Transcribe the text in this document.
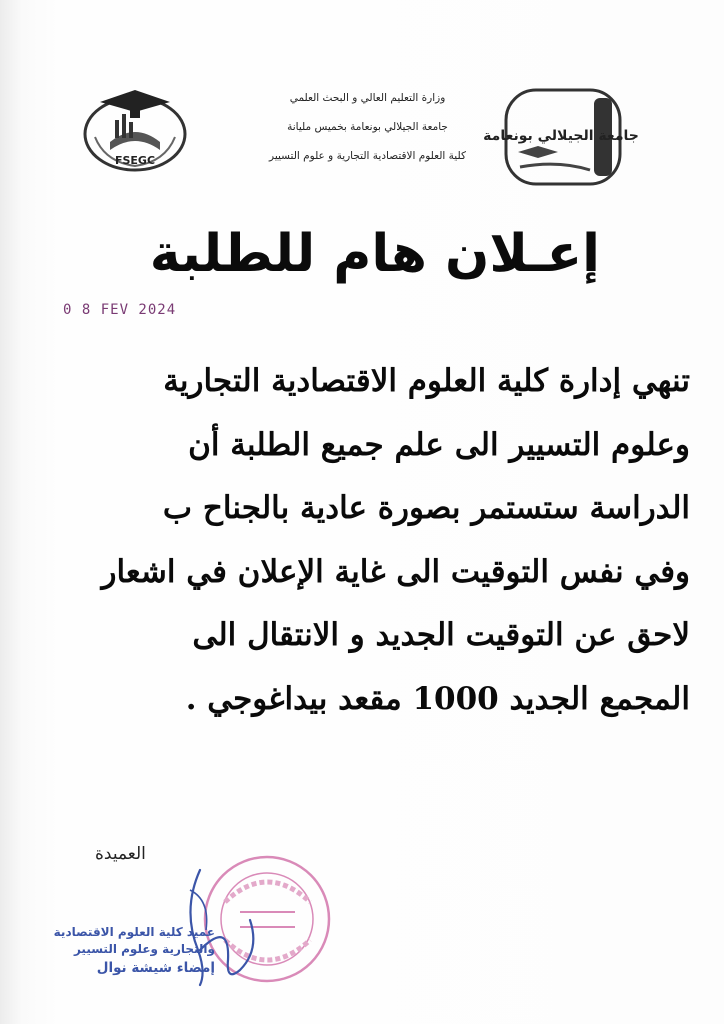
FSEGC
وزارة التعليم العالي و البحث العلمي
جامعة الجيلالي بونعامة بخميس مليانة
كلية العلوم الاقتصادية التجارية و علوم التسيير
جامعة الجيلالي بونعامة
إعـلان هام للطلبة
0 8 FEV 2024
تنهي إدارة كلية العلوم الاقتصادية التجارية
وعلوم التسيير الى علم جميع الطلبة أن
الدراسة ستستمر بصورة عادية بالجناح ب
وفي نفس التوقيت الى غاية الإعلان في اشعار
لاحق عن التوقيت الجديد و الانتقال الى
المجمع الجديد 1000 مقعد بيداغوجي .
العميدة
عميد كلية العلوم الاقتصادية
والتجارية وعلوم التسيير
إمضاء شيشة نوال
